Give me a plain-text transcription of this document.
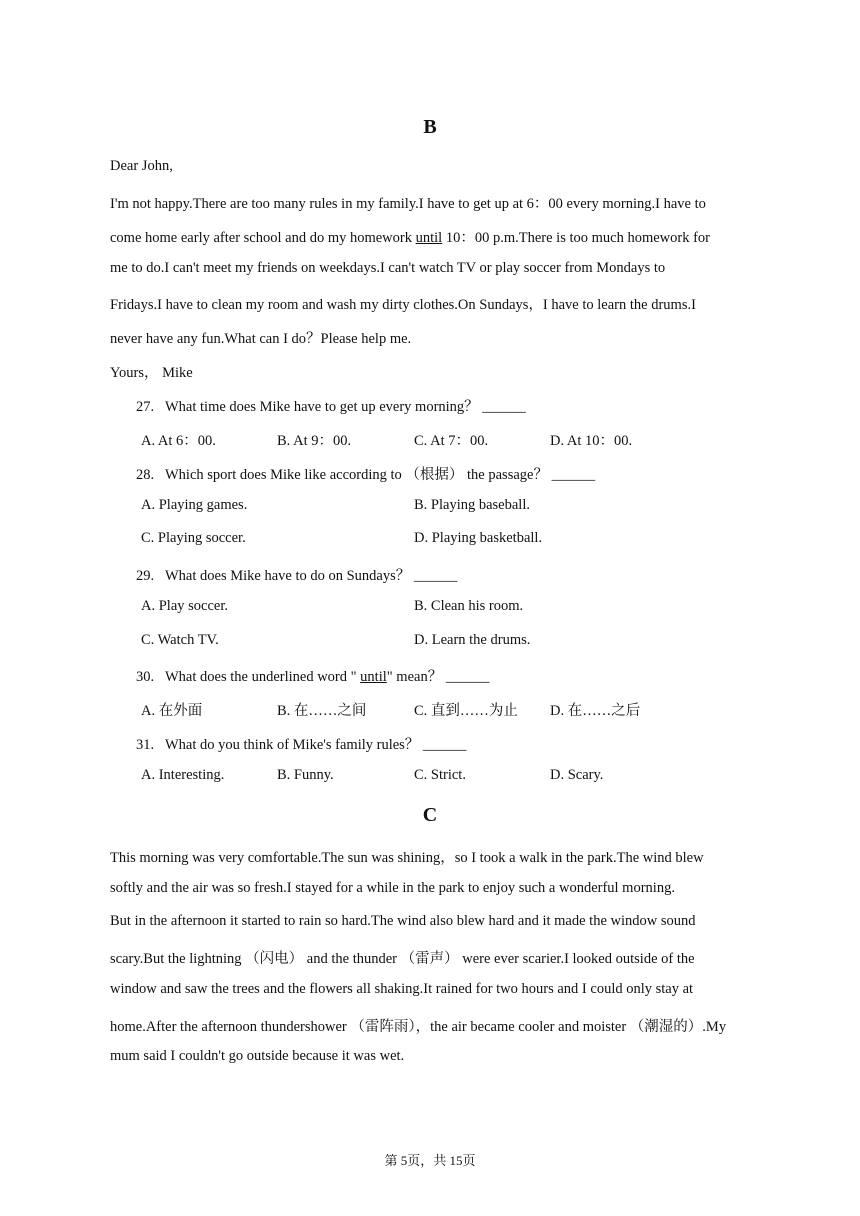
B
Dear John,
I'm not happy.There are too many rules in my family.I have to get up at 6：00 every morning.I have to
come home early after school and do my homework until 10：00 p.m.There is too much homework for
me to do.I can't meet my friends on weekdays.I can't watch TV or play soccer from Mondays to
Fridays.I have to clean my room and wash my dirty clothes.On Sundays，I have to learn the drums.I
never have any fun.What can I do？Please help me.
Yours， Mike
27. What time does Mike have to get up every morning？ ______
A. At 6：00.	B. At 9：00.	C. At 7：00.	D. At 10：00.
28. Which sport does Mike like according to （根据） the passage？ ______
A. Playing games.	B. Playing baseball.
C. Playing soccer.	D. Playing basketball.
29. What does Mike have to do on Sundays？ ______
A. Play soccer.	B. Clean his room.
C. Watch TV.	D. Learn the drums.
30. What does the underlined word " until" mean？ ______
A. 在外面	B. 在……之间	C. 直到……为止 D. 在……之后
31. What do you think of Mike's family rules？ ______
A. Interesting.	B. Funny.	C. Strict.	D. Scary.
C
This morning was very comfortable.The sun was shining，so I took a walk in the park.The wind blew
softly and the air was so fresh.I stayed for a while in the park to enjoy such a wonderful morning.
But in the afternoon it started to rain so hard.The wind also blew hard and it made the window sound
scary.But the lightning （闪电） and the thunder （雷声） were ever scarier.I looked outside of the
window and saw the trees and the flowers all shaking.It rained for two hours and I could only stay at
home.After the afternoon thundershower （雷阵雨），the air became cooler and moister （潮湿的）.My
mum said I couldn't go outside because it was wet.
第 5页，共 15页
